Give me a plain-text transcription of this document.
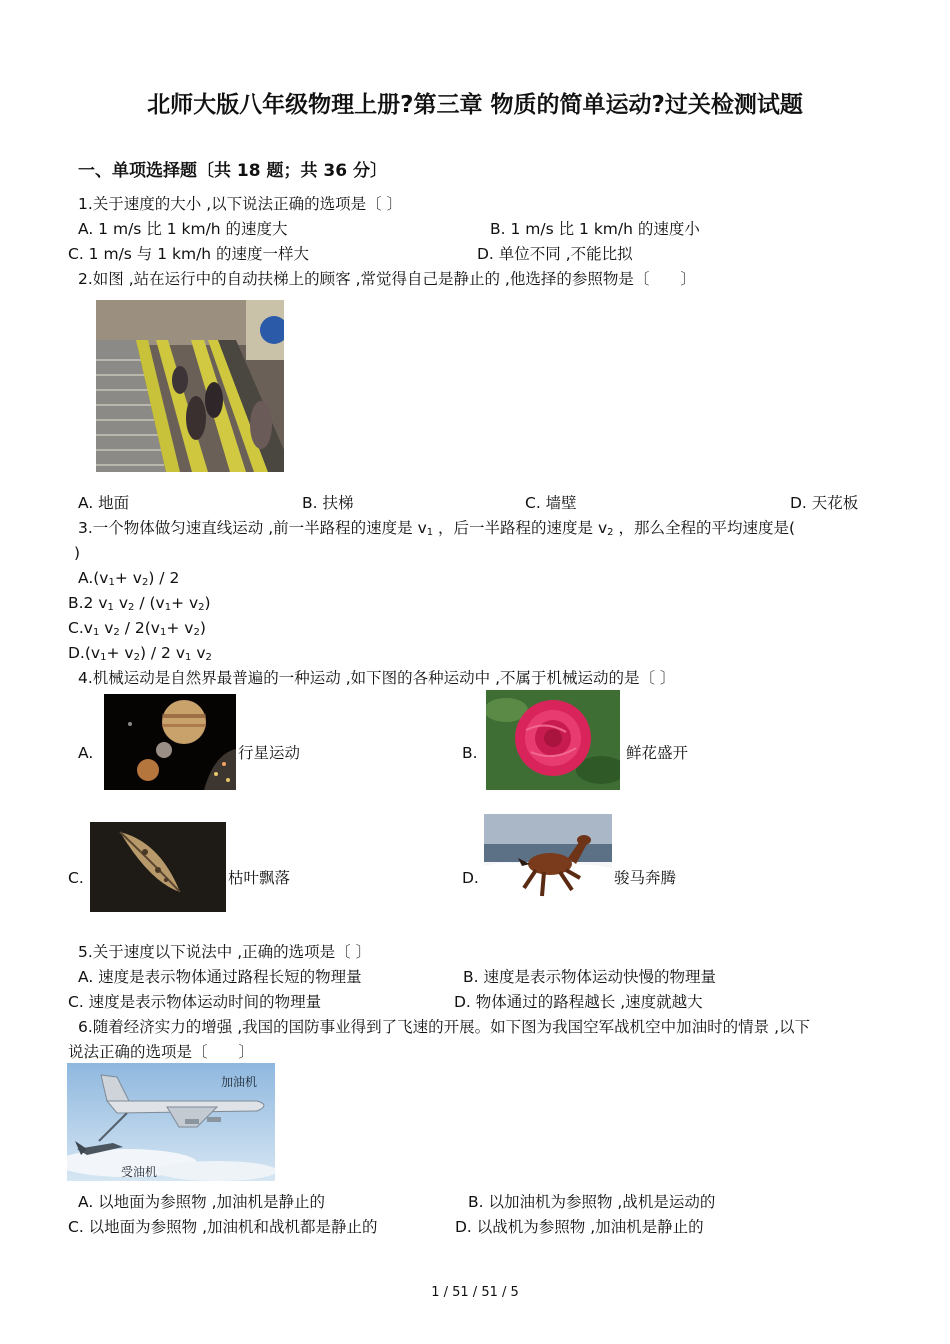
北师大版八年级物理上册?第三章 物质的简单运动?过关检测试题
一、单项选择题〔共 18 题；共 36 分〕
1.关于速度的大小 ,以下说法正确的选项是〔 〕
A. 1 m/s 比 1 km/h 的速度大	B. 1 m/s 比 1 km/h 的速度小
C. 1 m/s 与 1 km/h 的速度一样大	D. 单位不同 ,不能比拟
2.如图 ,站在运行中的自动扶梯上的顾客 ,常觉得自己是静止的 ,他选择的参照物是〔　　〕
A. 地面	B. 扶梯	C. 墙壁	D. 天花板
3.一个物体做匀速直线运动 ,前一半路程的速度是 $v_1$ ，后一半路程的速度是 $v_2$ ，那么全程的平均速度是(
)
$A.(v_1+ v_2) / 2$
B.2 $v_1$ $v_2 / (v_1+ v_2)$
$C.v_1$ $v_2 / 2(v_1+ v_2)$
$D.(v_1+ v_2) / 2$ $v_1$ $v_2$
4.机械运动是自然界最普遍的一种运动 ,如下图的各种运动中 ,不属于机械运动的是〔 〕
A.	行星运动	B.	鲜花盛开
C.	枯叶飘落	D.	骏马奔腾
5.关于速度以下说法中 ,正确的选项是〔 〕
A. 速度是表示物体通过路程长短的物理量	B. 速度是表示物体运动快慢的物理量
C. 速度是表示物体运动时间的物理量	D. 物体通过的路程越长 ,速度就越大
6.随着经济实力的增强 ,我国的国防事业得到了飞速的开展。如下图为我国空军战机空中加油时的情景 ,以下
说法正确的选项是〔　　〕
加油机
受油机
A. 以地面为参照物 ,加油机是静止的	B. 以加油机为参照物 ,战机是运动的
C. 以地面为参照物 ,加油机和战机都是静止的	D. 以战机为参照物 ,加油机是静止的
1 / 51 / 51 / 5
